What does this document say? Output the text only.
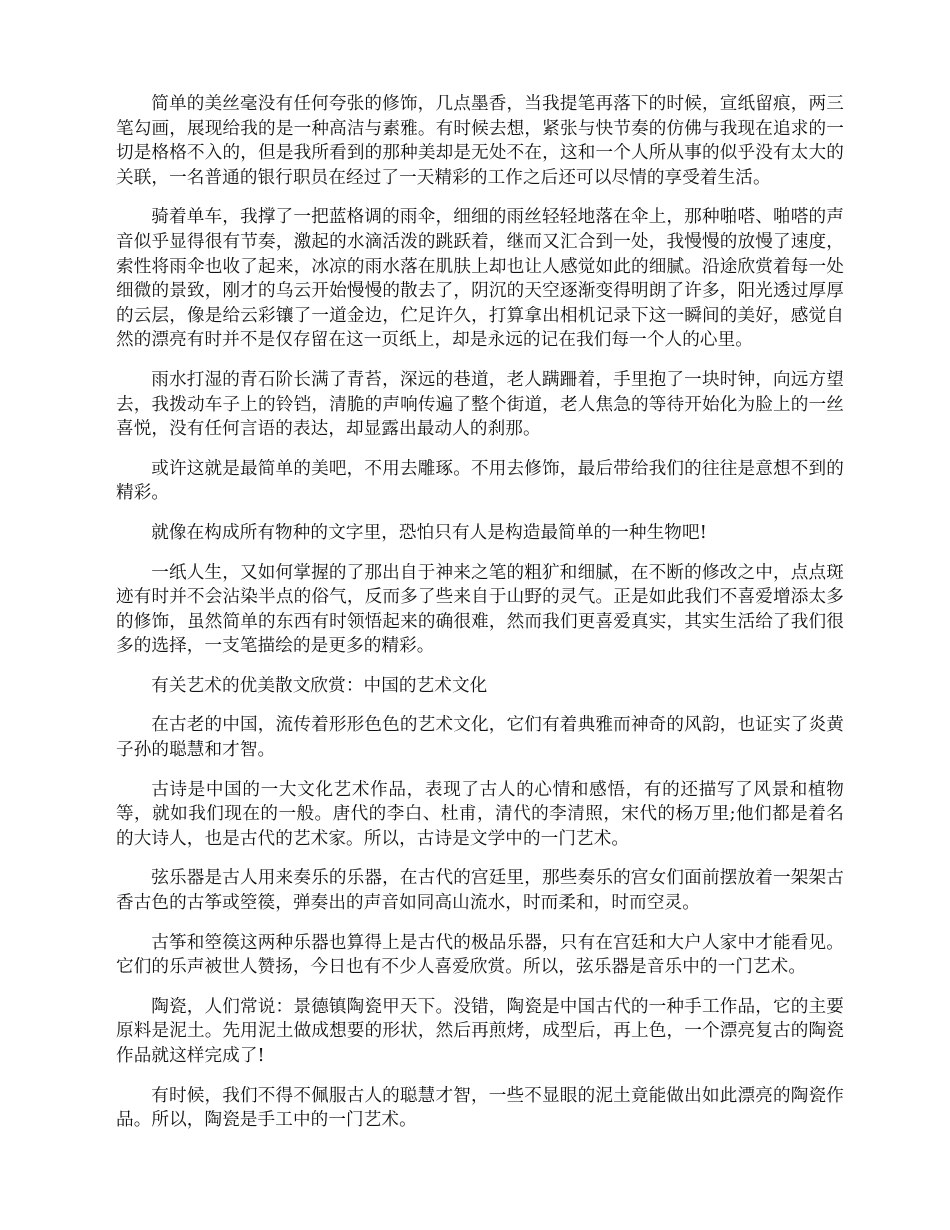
简单的美丝毫没有任何夸张的修饰，几点墨香，当我提笔再落下的时候，宣纸留痕，两三笔勾画，展现给我的是一种高洁与素雅。有时候去想，紧张与快节奏的仿佛与我现在追求的一切是格格不入的，但是我所看到的那种美却是无处不在，这和一个人所从事的似乎没有太大的关联，一名普通的银行职员在经过了一天精彩的工作之后还可以尽情的享受着生活。

骑着单车，我撑了一把蓝格调的雨伞，细细的雨丝轻轻地落在伞上，那种啪嗒、啪嗒的声音似乎显得很有节奏，激起的水滴活泼的跳跃着，继而又汇合到一处，我慢慢的放慢了速度，索性将雨伞也收了起来，冰凉的雨水落在肌肤上却也让人感觉如此的细腻。沿途欣赏着每一处细微的景致，刚才的乌云开始慢慢的散去了，阴沉的天空逐渐变得明朗了许多，阳光透过厚厚的云层，像是给云彩镶了一道金边，伫足许久，打算拿出相机记录下这一瞬间的美好，感觉自然的漂亮有时并不是仅存留在这一页纸上，却是永远的记在我们每一个人的心里。

雨水打湿的青石阶长满了青苔，深远的巷道，老人蹒跚着，手里抱了一块时钟，向远方望去，我拨动车子上的铃铛，清脆的声响传遍了整个街道，老人焦急的等待开始化为脸上的一丝喜悦，没有任何言语的表达，却显露出最动人的刹那。

或许这就是最简单的美吧，不用去雕琢。不用去修饰，最后带给我们的往往是意想不到的精彩。

就像在构成所有物种的文字里，恐怕只有人是构造最简单的一种生物吧!

一纸人生，又如何掌握的了那出自于神来之笔的粗犷和细腻，在不断的修改之中，点点斑迹有时并不会沾染半点的俗气，反而多了些来自于山野的灵气。正是如此我们不喜爱增添太多的修饰，虽然简单的东西有时领悟起来的确很难，然而我们更喜爱真实，其实生活给了我们很多的选择，一支笔描绘的是更多的精彩。

有关艺术的优美散文欣赏：中国的艺术文化

在古老的中国，流传着形形色色的艺术文化，它们有着典雅而神奇的风韵，也证实了炎黄子孙的聪慧和才智。

古诗是中国的一大文化艺术作品，表现了古人的心情和感悟，有的还描写了风景和植物等，就如我们现在的一般。唐代的李白、杜甫，清代的李清照，宋代的杨万里;他们都是着名的大诗人，也是古代的艺术家。所以，古诗是文学中的一门艺术。

弦乐器是古人用来奏乐的乐器，在古代的宫廷里，那些奏乐的宫女们面前摆放着一架架古香古色的古筝或箜篌，弹奏出的声音如同高山流水，时而柔和，时而空灵。

古筝和箜篌这两种乐器也算得上是古代的极品乐器，只有在宫廷和大户人家中才能看见。它们的乐声被世人赞扬，今日也有不少人喜爱欣赏。所以，弦乐器是音乐中的一门艺术。

陶瓷，人们常说：景德镇陶瓷甲天下。没错，陶瓷是中国古代的一种手工作品，它的主要原料是泥土。先用泥土做成想要的形状，然后再煎烤，成型后，再上色，一个漂亮复古的陶瓷作品就这样完成了!

有时候，我们不得不佩服古人的聪慧才智，一些不显眼的泥土竟能做出如此漂亮的陶瓷作品。所以，陶瓷是手工中的一门艺术。
